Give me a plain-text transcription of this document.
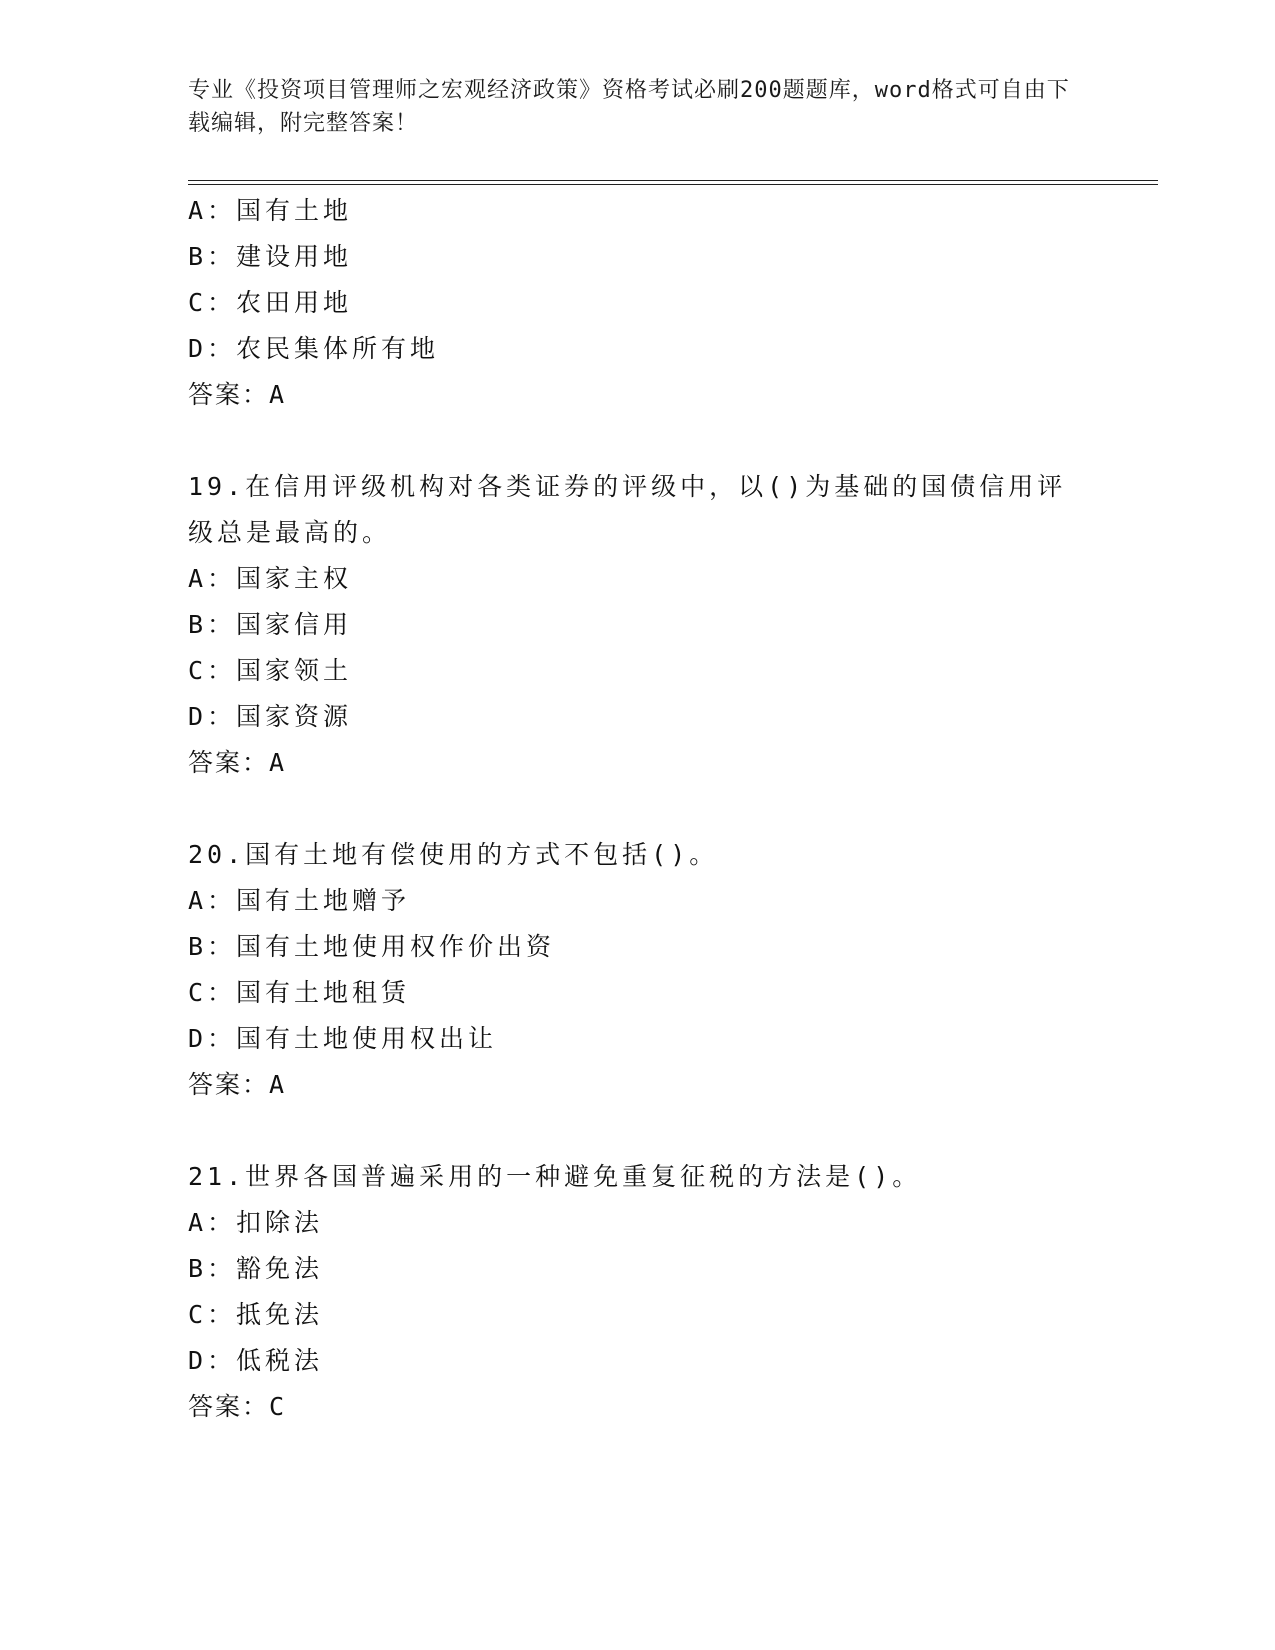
专业《投资项目管理师之宏观经济政策》资格考试必刷200题题库，word格式可自由下载编辑，附完整答案！
A：国有土地
B：建设用地
C：农田用地
D：农民集体所有地
答案：A
19.在信用评级机构对各类证券的评级中，以()为基础的国债信用评级总是最高的。
A：国家主权
B：国家信用
C：国家领土
D：国家资源
答案：A
20.国有土地有偿使用的方式不包括()。
A：国有土地赠予
B：国有土地使用权作价出资
C：国有土地租赁
D：国有土地使用权出让
答案：A
21.世界各国普遍采用的一种避免重复征税的方法是()。
A：扣除法
B：豁免法
C：抵免法
D：低税法
答案：C
